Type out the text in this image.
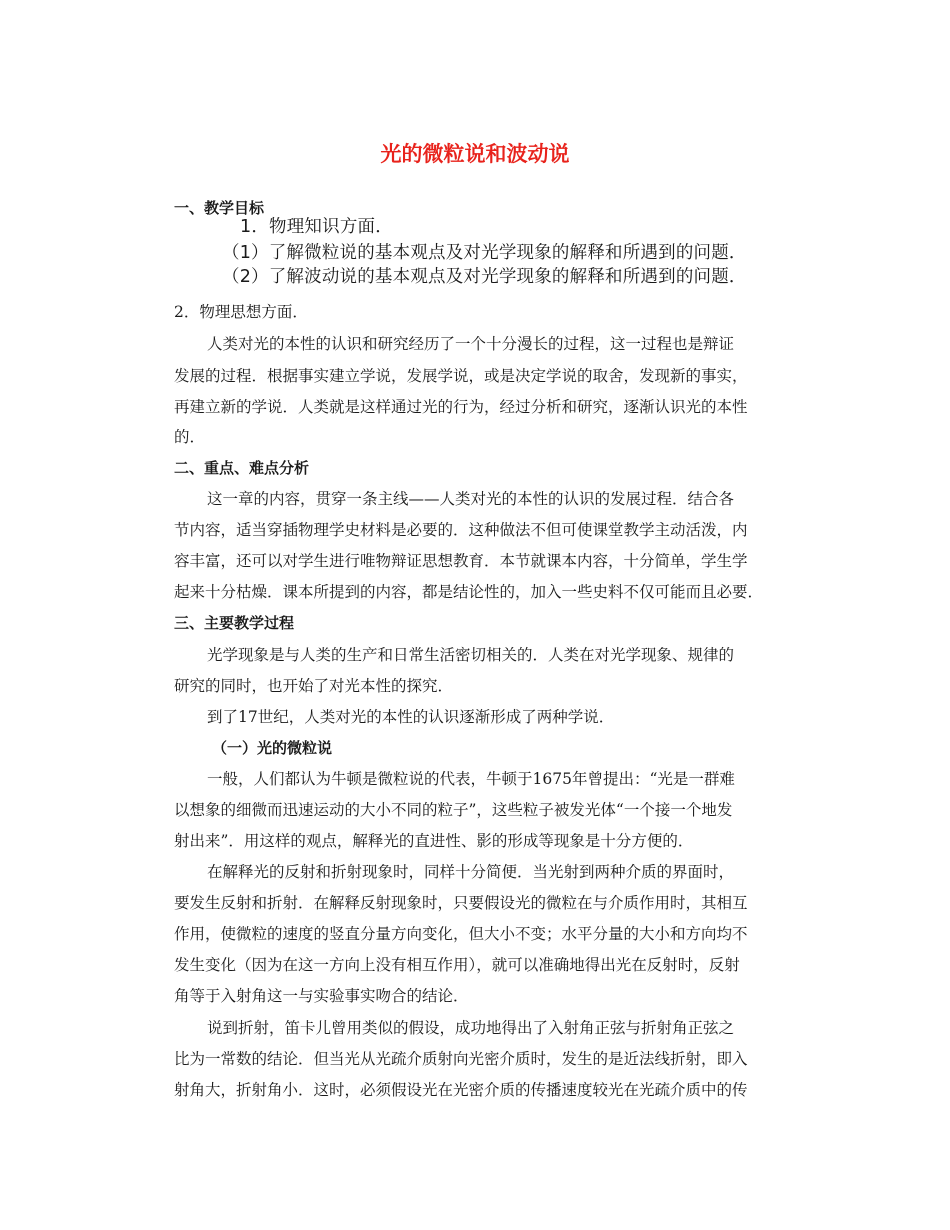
光的微粒说和波动说
一、教学目标
1．物理知识方面．
（1）了解微粒说的基本观点及对光学现象的解释和所遇到的问题．
（2）了解波动说的基本观点及对光学现象的解释和所遇到的问题．
2．物理思想方面．
人类对光的本性的认识和研究经历了一个十分漫长的过程，这一过程也是辩证
发展的过程．根据事实建立学说，发展学说，或是决定学说的取舍，发现新的事实，
再建立新的学说．人类就是这样通过光的行为，经过分析和研究，逐渐认识光的本性
的．
二、重点、难点分析
这一章的内容，贯穿一条主线——人类对光的本性的认识的发展过程．结合各
节内容，适当穿插物理学史材料是必要的．这种做法不但可使课堂教学主动活泼，内
容丰富，还可以对学生进行唯物辩证思想教育．本节就课本内容，十分简单，学生学
起来十分枯燥．课本所提到的内容，都是结论性的，加入一些史料不仅可能而且必要．
三、主要教学过程
光学现象是与人类的生产和日常生活密切相关的．人类在对光学现象、规律的
研究的同时，也开始了对光本性的探究．
到了17世纪，人类对光的本性的认识逐渐形成了两种学说．
（一）光的微粒说
一般，人们都认为牛顿是微粒说的代表，牛顿于1675年曾提出：“光是一群难
以想象的细微而迅速运动的大小不同的粒子”，这些粒子被发光体“一个接一个地发
射出来”．用这样的观点，解释光的直进性、影的形成等现象是十分方便的．
在解释光的反射和折射现象时，同样十分简便．当光射到两种介质的界面时，
要发生反射和折射．在解释反射现象时，只要假设光的微粒在与介质作用时，其相互
作用，使微粒的速度的竖直分量方向变化，但大小不变；水平分量的大小和方向均不
发生变化（因为在这一方向上没有相互作用），就可以准确地得出光在反射时，反射
角等于入射角这一与实验事实吻合的结论．
说到折射，笛卡儿曾用类似的假设，成功地得出了入射角正弦与折射角正弦之
比为一常数的结论．但当光从光疏介质射向光密介质时，发生的是近法线折射，即入
射角大，折射角小．这时，必须假设光在光密介质的传播速度较光在光疏介质中的传
